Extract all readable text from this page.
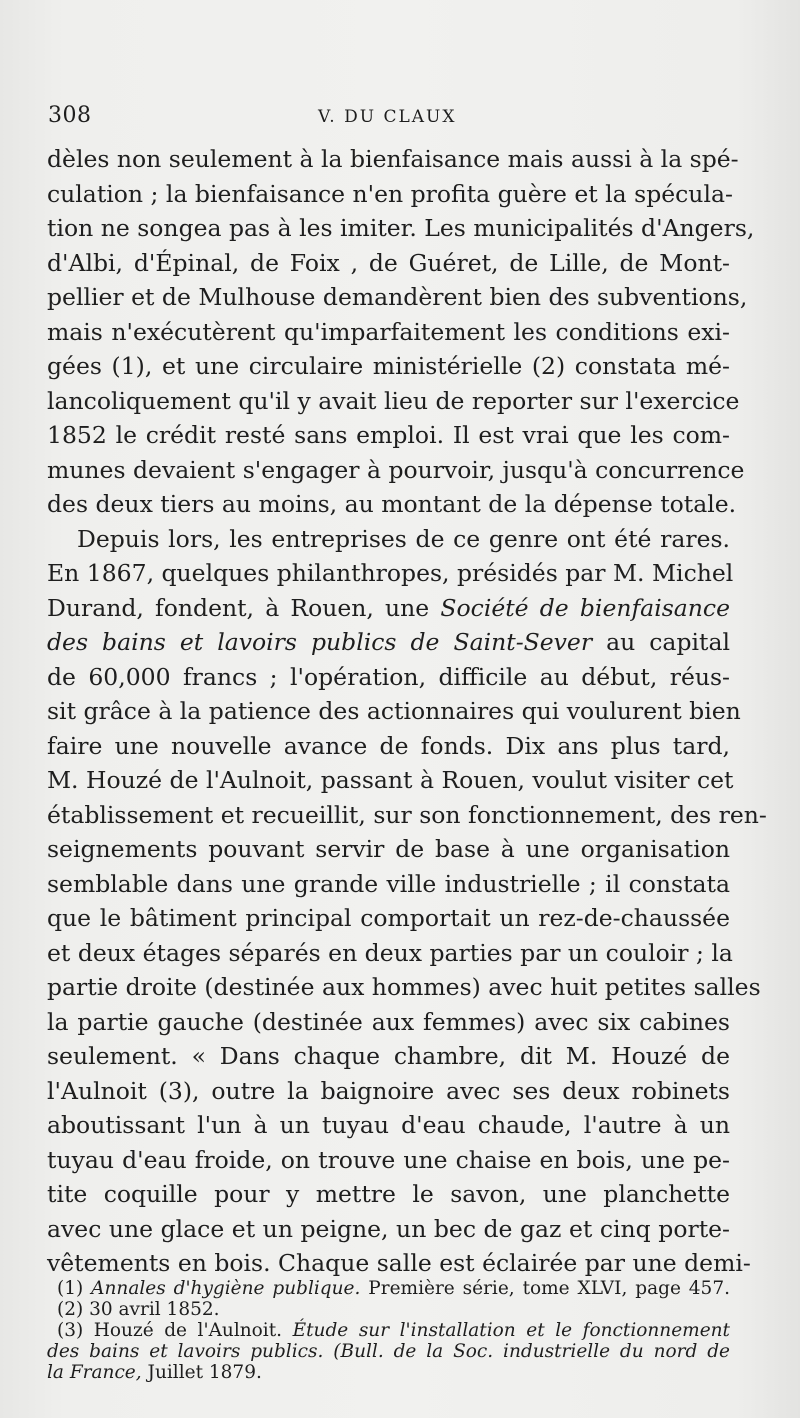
308	V. DU CLAUX
dèles non seulement à la bienfaisance mais aussi à la spé-
culation ; la bienfaisance n'en profita guère et la spécula-
tion ne songea pas à les imiter. Les municipalités d'Angers,
d'Albi, d'Épinal, de Foix , de Guéret, de Lille, de Mont-
pellier et de Mulhouse demandèrent bien des subventions,
mais n'exécutèrent qu'imparfaitement les conditions exi-
gées (1), et une circulaire ministérielle (2) constata mé-
lancoliquement qu'il y avait lieu de reporter sur l'exercice
1852 le crédit resté sans emploi. Il est vrai que les com-
munes devaient s'engager à pourvoir, jusqu'à concurrence
des deux tiers au moins, au montant de la dépense totale.
Depuis lors, les entreprises de ce genre ont été rares.
En 1867, quelques philanthropes, présidés par M. Michel
Durand, fondent, à Rouen, une Société de bienfaisance
des bains et lavoirs publics de Saint-Sever au capital
de 60,000 francs ; l'opération, difficile au début, réus-
sit grâce à la patience des actionnaires qui voulurent bien
faire une nouvelle avance de fonds. Dix ans plus tard,
M. Houzé de l'Aulnoit, passant à Rouen, voulut visiter cet
établissement et recueillit, sur son fonctionnement, des ren-
seignements pouvant servir de base à une organisation
semblable dans une grande ville industrielle ; il constata
que le bâtiment principal comportait un rez-de-chaussée
et deux étages séparés en deux parties par un couloir ; la
partie droite (destinée aux hommes) avec huit petites salles
la partie gauche (destinée aux femmes) avec six cabines
seulement. « Dans chaque chambre, dit M. Houzé de
l'Aulnoit (3), outre la baignoire avec ses deux robinets
aboutissant l'un à un tuyau d'eau chaude, l'autre à un
tuyau d'eau froide, on trouve une chaise en bois, une pe-
tite coquille pour y mettre le savon, une planchette
avec une glace et un peigne, un bec de gaz et cinq porte-
vêtements en bois. Chaque salle est éclairée par une demi-
(1) Annales d'hygiène publique. Première série, tome XLVI, page 457.
(2) 30 avril 1852.
(3) Houzé de l'Aulnoit. Étude sur l'installation et le fonctionnement
des bains et lavoirs publics. (Bull. de la Soc. industrielle du nord de
la France, Juillet 1879.
